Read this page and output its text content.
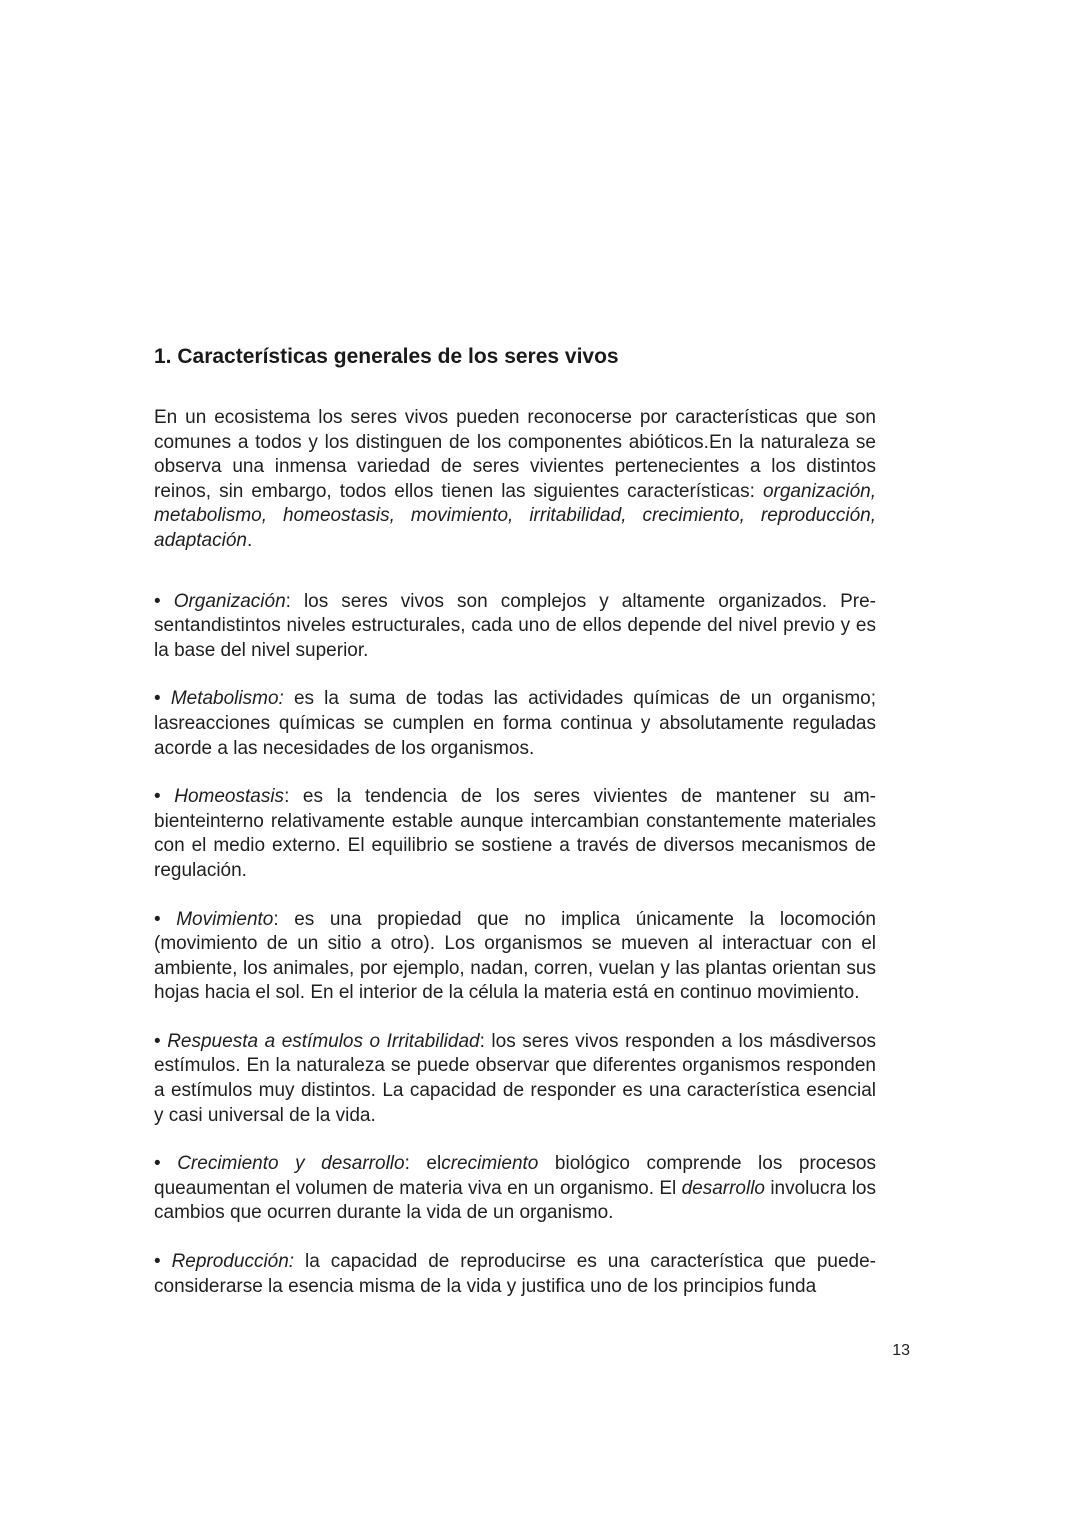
1. Características generales de los seres vivos

En un ecosistema los seres vivos pueden reconocerse por características que son comunes a todos y los distinguen de los componentes abióticos.En la naturaleza se observa una inmensa variedad de seres vivientes pertenecientes a los distintos reinos, sin embargo, todos ellos tienen las siguientes características: organización, metabolismo, homeostasis, movimiento, irritabilidad, crecimiento, reproducción, adaptación.

• Organización: los seres vivos son complejos y altamente organizados. Presentandistintos niveles estructurales, cada uno de ellos depende del nivel previo y es la base del nivel superior.

• Metabolismo: es la suma de todas las actividades químicas de un organismo; lasreacciones químicas se cumplen en forma continua y absolutamente reguladas acorde a las necesidades de los organismos.

• Homeostasis: es la tendencia de los seres vivientes de mantener su ambienteinterno relativamente estable aunque intercambian constantemente materiales con el medio externo. El equilibrio se sostiene a través de diversos mecanismos de regulación.

• Movimiento: es una propiedad que no implica únicamente la locomoción (movimiento de un sitio a otro). Los organismos se mueven al interactuar con el ambiente, los animales, por ejemplo, nadan, corren, vuelan y las plantas orientan sus hojas hacia el sol. En el interior de la célula la materia está en continuo movimiento.

• Respuesta a estímulos o Irritabilidad: los seres vivos responden a los másdiversos estímulos. En la naturaleza se puede observar que diferentes organismos responden a estímulos muy distintos. La capacidad de responder es una característica esencial y casi universal de la vida.

• Crecimiento y desarrollo: elcrecimiento biológico comprende los procesos queaumentan el volumen de materia viva en un organismo. El desarrollo involucra los cambios que ocurren durante la vida de un organismo.

• Reproducción: la capacidad de reproducirse es una característica que puedeconsiderarse la esencia misma de la vida y justifica uno de los principios funda

13
